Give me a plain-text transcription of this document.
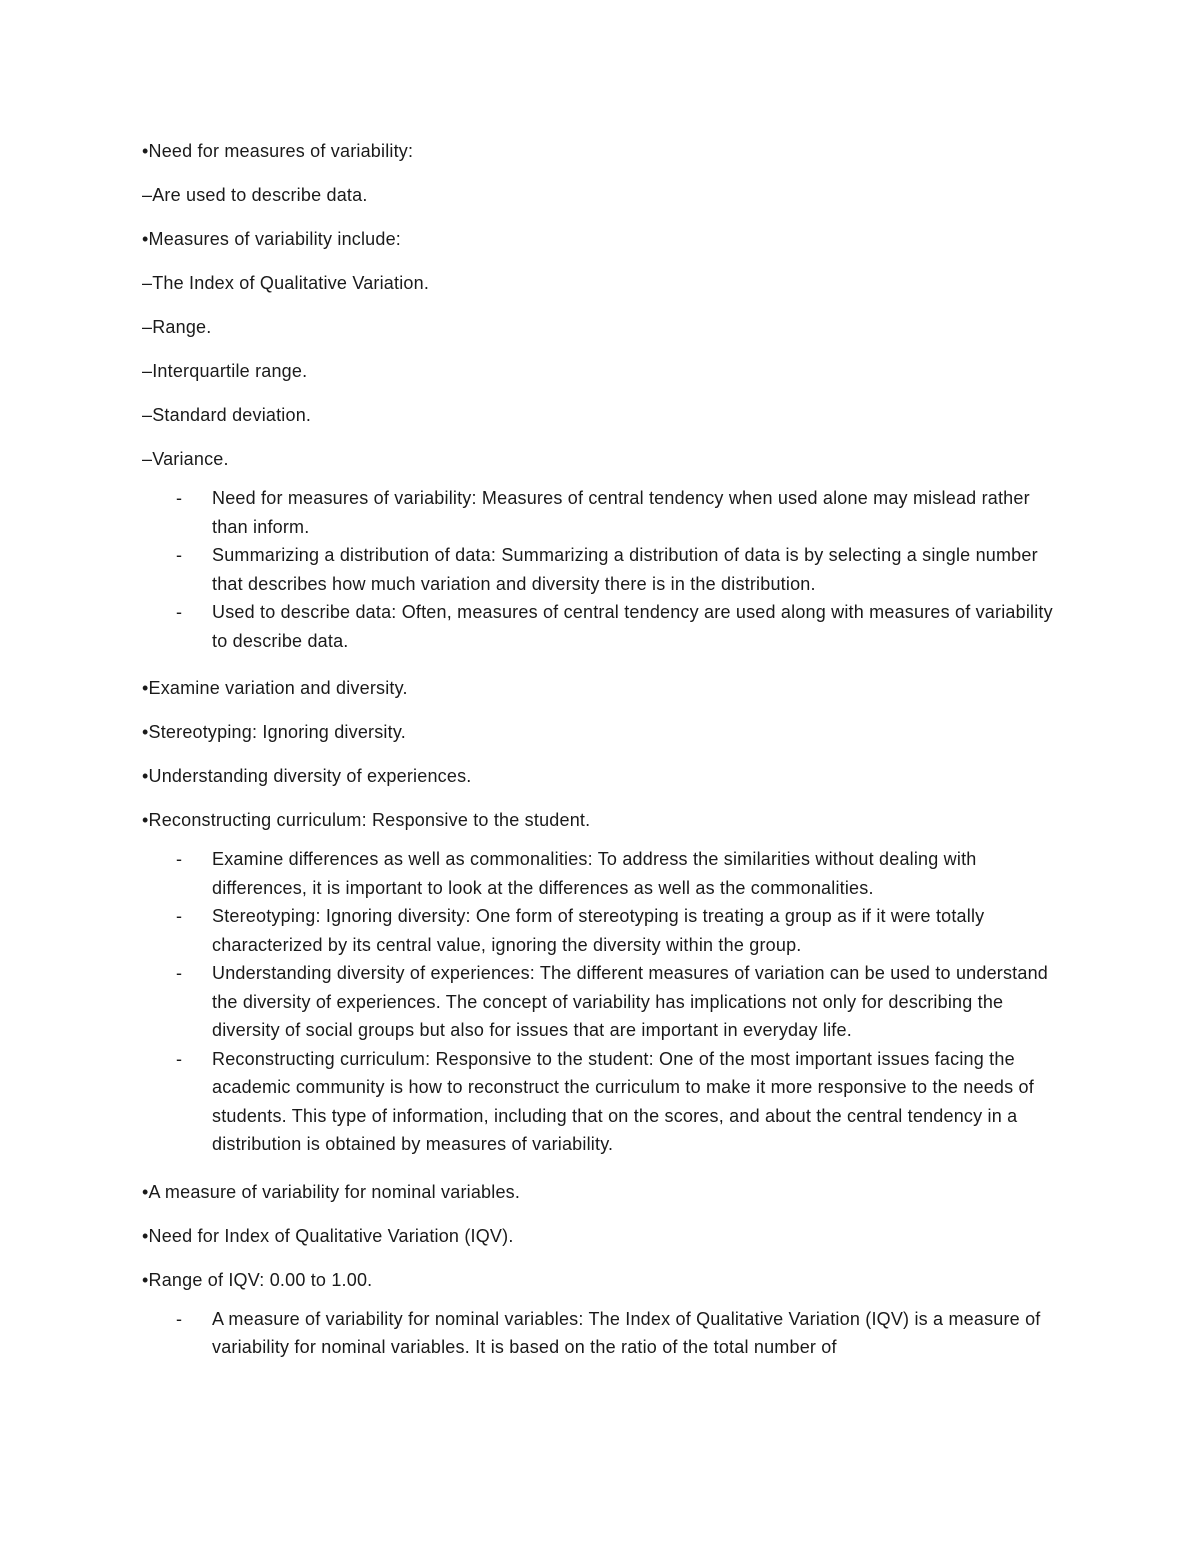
•Need for measures of variability:
–Are used to describe data.
•Measures of variability include:
–The Index of Qualitative Variation.
–Range.
–Interquartile range.
–Standard deviation.
–Variance.
- Need for measures of variability: Measures of central tendency when used alone may mislead rather than inform.
- Summarizing a distribution of data: Summarizing a distribution of data is by selecting a single number that describes how much variation and diversity there is in the distribution.
- Used to describe data: Often, measures of central tendency are used along with measures of variability to describe data.
•Examine variation and diversity.
•Stereotyping: Ignoring diversity.
•Understanding diversity of experiences.
•Reconstructing curriculum: Responsive to the student.
- Examine differences as well as commonalities: To address the similarities without dealing with differences, it is important to look at the differences as well as the commonalities.
- Stereotyping: Ignoring diversity: One form of stereotyping is treating a group as if it were totally characterized by its central value, ignoring the diversity within the group.
- Understanding diversity of experiences: The different measures of variation can be used to understand the diversity of experiences. The concept of variability has implications not only for describing the diversity of social groups but also for issues that are important in everyday life.
- Reconstructing curriculum: Responsive to the student: One of the most important issues facing the academic community is how to reconstruct the curriculum to make it more responsive to the needs of students. This type of information, including that on the scores, and about the central tendency in a distribution is obtained by measures of variability.
•A measure of variability for nominal variables.
•Need for Index of Qualitative Variation (IQV).
•Range of IQV: 0.00 to 1.00.
- A measure of variability for nominal variables: The Index of Qualitative Variation (IQV) is a measure of variability for nominal variables. It is based on the ratio of the total number of
